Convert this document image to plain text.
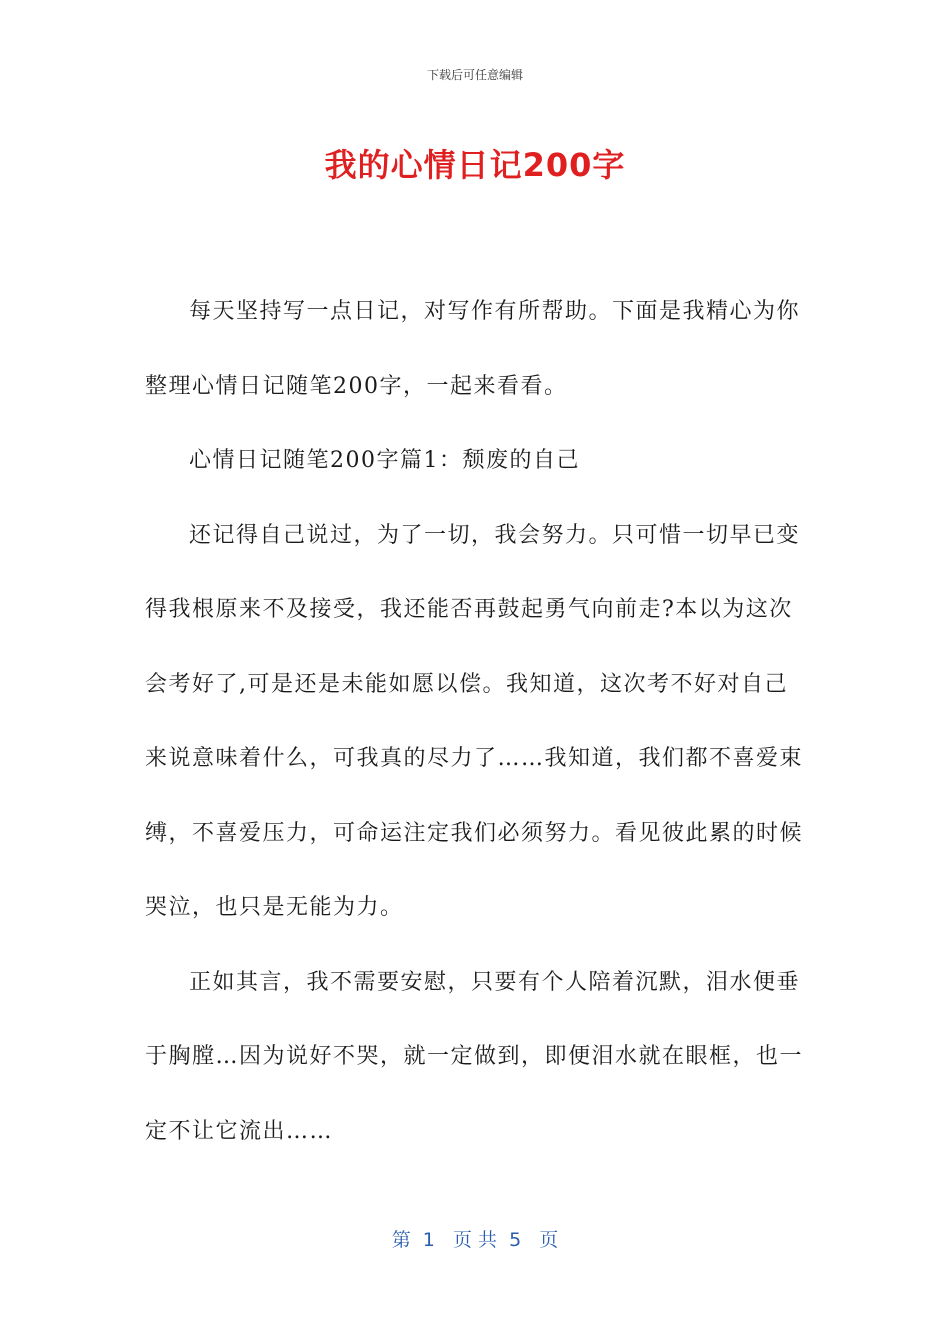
下载后可任意编辑
我的心情日记200字

每天坚持写一点日记，对写作有所帮助。下面是我精心为你整理心情日记随笔200字，一起来看看。

心情日记随笔200字篇1：颓废的自己

还记得自己说过，为了一切，我会努力。只可惜一切早已变得我根原来不及接受，我还能否再鼓起勇气向前走?本以为这次会考好了,可是还是未能如愿以偿。我知道，这次考不好对自己来说意味着什么，可我真的尽力了……我知道，我们都不喜爱束缚，不喜爱压力，可命运注定我们必须努力。看见彼此累的时候哭泣，也只是无能为力。

正如其言，我不需要安慰，只要有个人陪着沉默，泪水便垂于胸膛…因为说好不哭，就一定做到，即便泪水就在眼框，也一定不让它流出……

第  1   页 共  5   页
